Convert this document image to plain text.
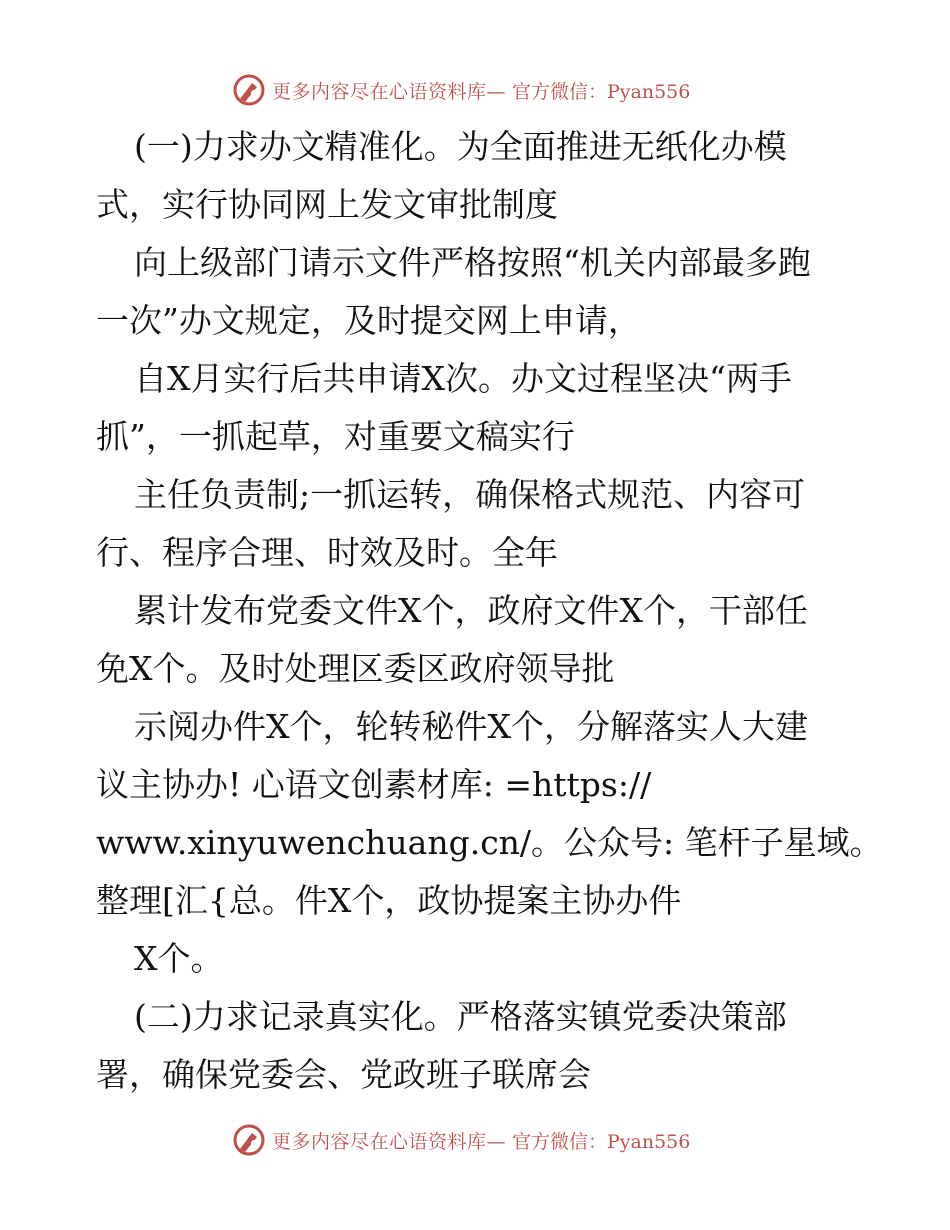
更多内容尽在心语资料库— 官方微信：Pyan556
(一)力求办文精准化。为全面推进无纸化办模
式，实行协同网上发文审批制度
向上级部门请示文件严格按照“机关内部最多跑
一次”办文规定，及时提交网上申请，
自X月实行后共申请X次。办文过程坚决“两手
抓”，一抓起草，对重要文稿实行
主任负责制;一抓运转，确保格式规范、内容可
行、程序合理、时效及时。全年
累计发布党委文件X个，政府文件X个，干部任
免X个。及时处理区委区政府领导批
示阅办件X个，轮转秘件X个，分解落实人大建
议主协办! 心语文创素材库: =https://
www.xinyuwenchuang.cn/。公众号: 笔杆子星域。
整理[汇{总。件X个，政协提案主协办件
X个。
(二)力求记录真实化。严格落实镇党委决策部
署，确保党委会、党政班子联席会
更多内容尽在心语资料库— 官方微信：Pyan556
